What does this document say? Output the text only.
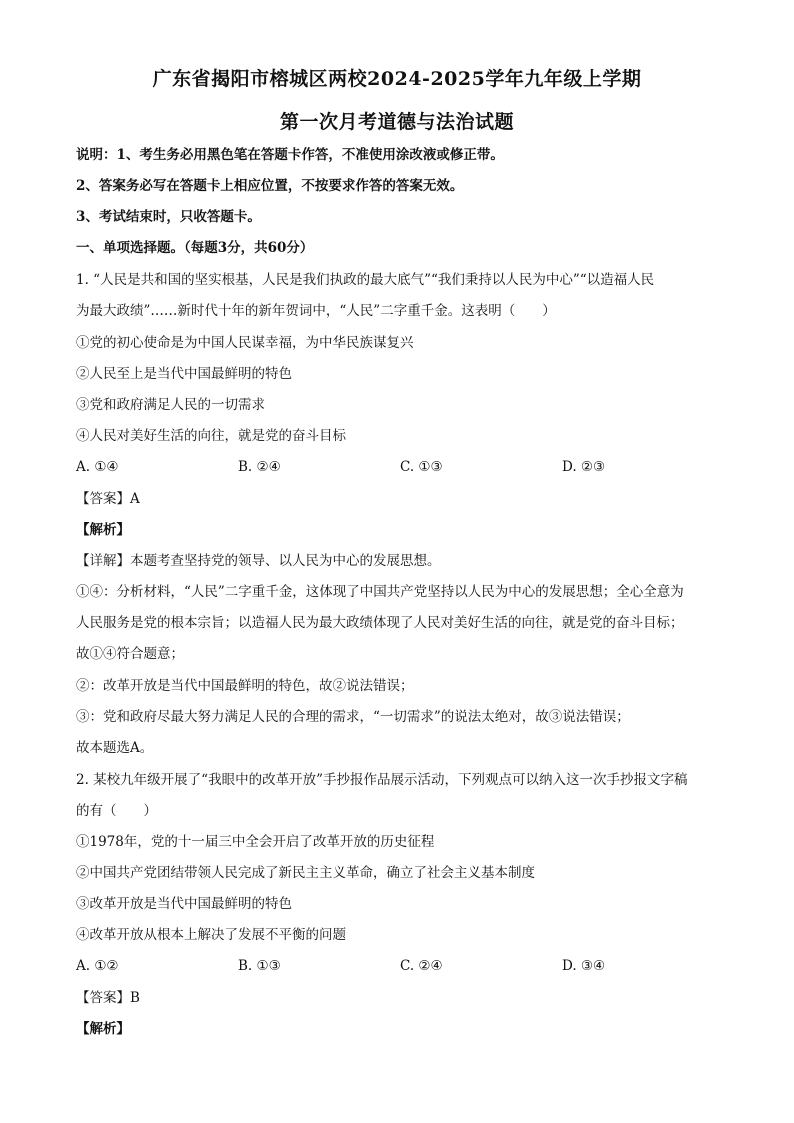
广东省揭阳市榕城区两校2024-2025学年九年级上学期
第一次月考道德与法治试题
说明：1、考生务必用黑色笔在答题卡作答，不准使用涂改液或修正带。
2、答案务必写在答题卡上相应位置，不按要求作答的答案无效。
3、考试结束时，只收答题卡。
一、单项选择题。（每题3分，共60分）
1. “人民是共和国的坚实根基，人民是我们执政的最大底气”“我们秉持以人民为中心”“以造福人民
为最大政绩”……新时代十年的新年贺词中，“人民”二字重千金。这表明（　　）
①党的初心使命是为中国人民谋幸福，为中华民族谋复兴
②人民至上是当代中国最鲜明的特色
③党和政府满足人民的一切需求
④人民对美好生活的向往，就是党的奋斗目标
A. ①④	B. ②④	C. ①③	D. ②③
【答案】A
【解析】
【详解】本题考查坚持党的领导、以人民为中心的发展思想。
①④：分析材料，“人民”二字重千金，这体现了中国共产党坚持以人民为中心的发展思想；全心全意为
人民服务是党的根本宗旨；以造福人民为最大政绩体现了人民对美好生活的向往，就是党的奋斗目标；
故①④符合题意；
②：改革开放是当代中国最鲜明的特色，故②说法错误；
③：党和政府尽最大努力满足人民的合理的需求，“一切需求”的说法太绝对，故③说法错误；
故本题选A。
2. 某校九年级开展了“我眼中的改革开放”手抄报作品展示活动，下列观点可以纳入这一次手抄报文字稿
的有（　　）
①1978年，党的十一届三中全会开启了改革开放的历史征程
②中国共产党团结带领人民完成了新民主主义革命，确立了社会主义基本制度
③改革开放是当代中国最鲜明的特色
④改革开放从根本上解决了发展不平衡的问题
A. ①②	B. ①③	C. ②④	D. ③④
【答案】B
【解析】
